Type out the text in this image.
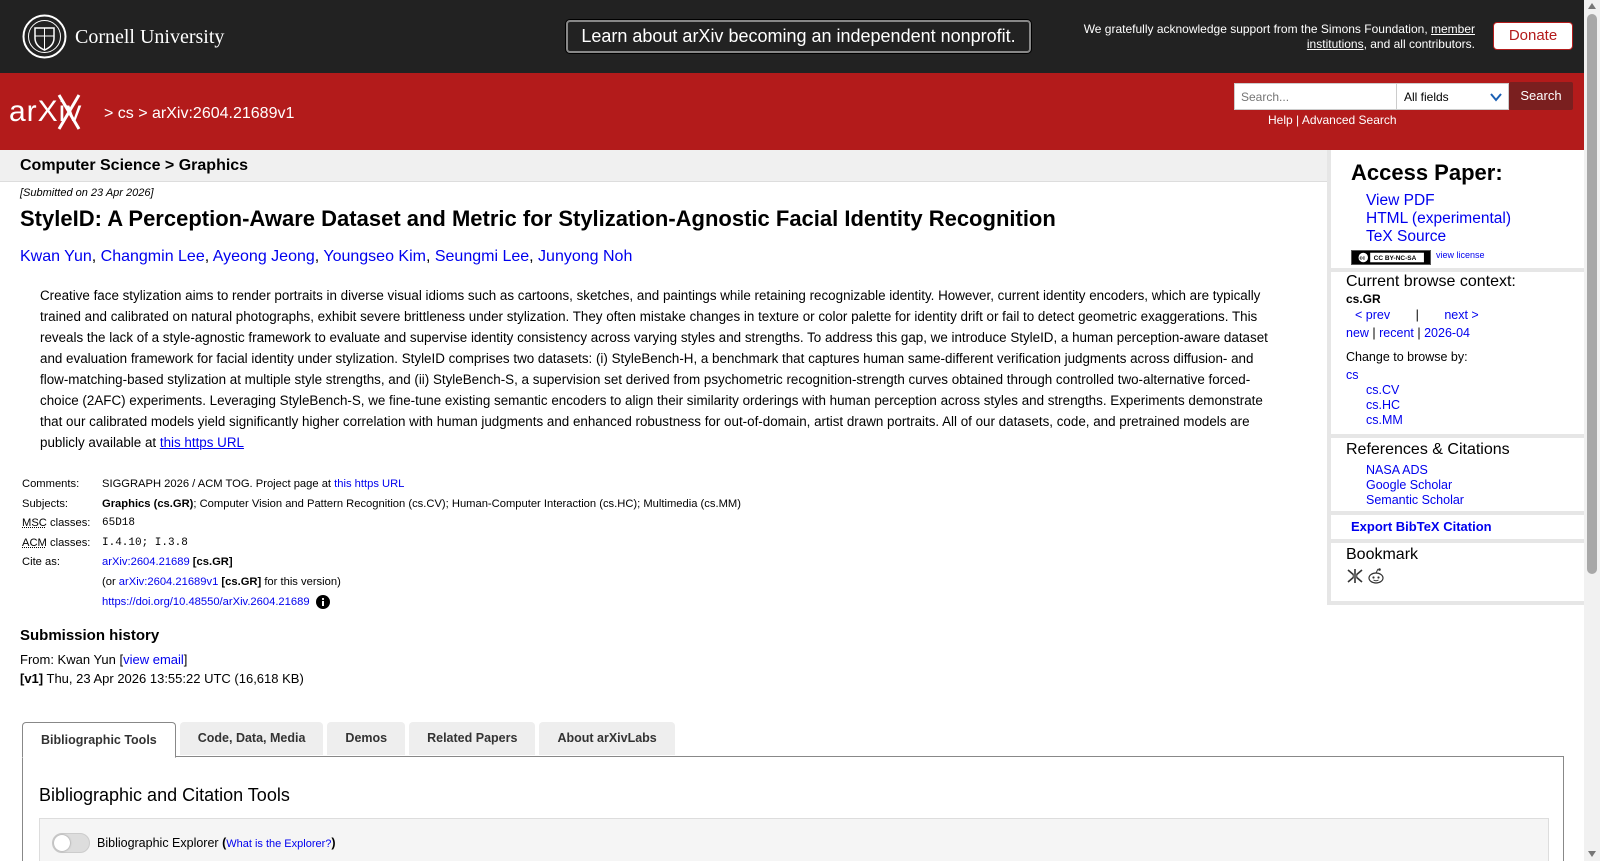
Cornell University	Learn about arXiv becoming an independent nonprofit.	We gratefully acknowledge support from the Simons Foundation, member institutions, and all contributors.	Donate
arXiv > cs > arXiv:2604.21689v1
Search...
All fields	Search
Help | Advanced Search
Computer Science > Graphics
[Submitted on 23 Apr 2026]
StyleID: A Perception-Aware Dataset and Metric for Stylization-Agnostic Facial Identity Recognition
Kwan Yun, Changmin Lee, Ayeong Jeong, Youngseo Kim, Seungmi Lee, Junyong Noh
Creative face stylization aims to render portraits in diverse visual idioms such as cartoons, sketches, and paintings while retaining recognizable identity. However, current identity encoders, which are typically trained and calibrated on natural photographs, exhibit severe brittleness under stylization. They often mistake changes in texture or color palette for identity drift or fail to detect geometric exaggerations. This reveals the lack of a style-agnostic framework to evaluate and supervise identity consistency across varying styles and strengths. To address this gap, we introduce StyleID, a human perception-aware dataset and evaluation framework for facial identity under stylization. StyleID comprises two datasets: (i) StyleBench-H, a benchmark that captures human same-different verification judgments across diffusion- and flow-matching-based stylization at multiple style strengths, and (ii) StyleBench-S, a supervision set derived from psychometric recognition-strength curves obtained through controlled two-alternative forced-choice (2AFC) experiments. Leveraging StyleBench-S, we fine-tune existing semantic encoders to align their similarity orderings with human perception across styles and strengths. Experiments demonstrate that our calibrated models yield significantly higher correlation with human judgments and enhanced robustness for out-of-domain, artist drawn portraits. All of our datasets, code, and pretrained models are publicly available at this https URL
Comments:	SIGGRAPH 2026 / ACM TOG. Project page at this https URL
Subjects:	Graphics (cs.GR); Computer Vision and Pattern Recognition (cs.CV); Human-Computer Interaction (cs.HC); Multimedia (cs.MM)
MSC classes:	65D18
ACM classes:	I.4.10; I.3.8
Cite as:	arXiv:2604.21689 [cs.GR]
	(or arXiv:2604.21689v1 [cs.GR] for this version)
	https://doi.org/10.48550/arXiv.2604.21689
Submission history
From: Kwan Yun [view email]
[v1] Thu, 23 Apr 2026 13:55:22 UTC (16,618 KB)
Bibliographic Tools	Code, Data, Media	Demos	Related Papers	About arXivLabs
Bibliographic and Citation Tools
Bibliographic Explorer (What is the Explorer?)
Access Paper:
View PDF
HTML (experimental)
TeX Source
cc CC BY-NC-SA view license
Current browse context:
cs.GR
< prev | next >
new | recent | 2026-04
Change to browse by:
cs
cs.CV
cs.HC
cs.MM
References & Citations
NASA ADS
Google Scholar
Semantic Scholar
Export BibTeX Citation
Bookmark
